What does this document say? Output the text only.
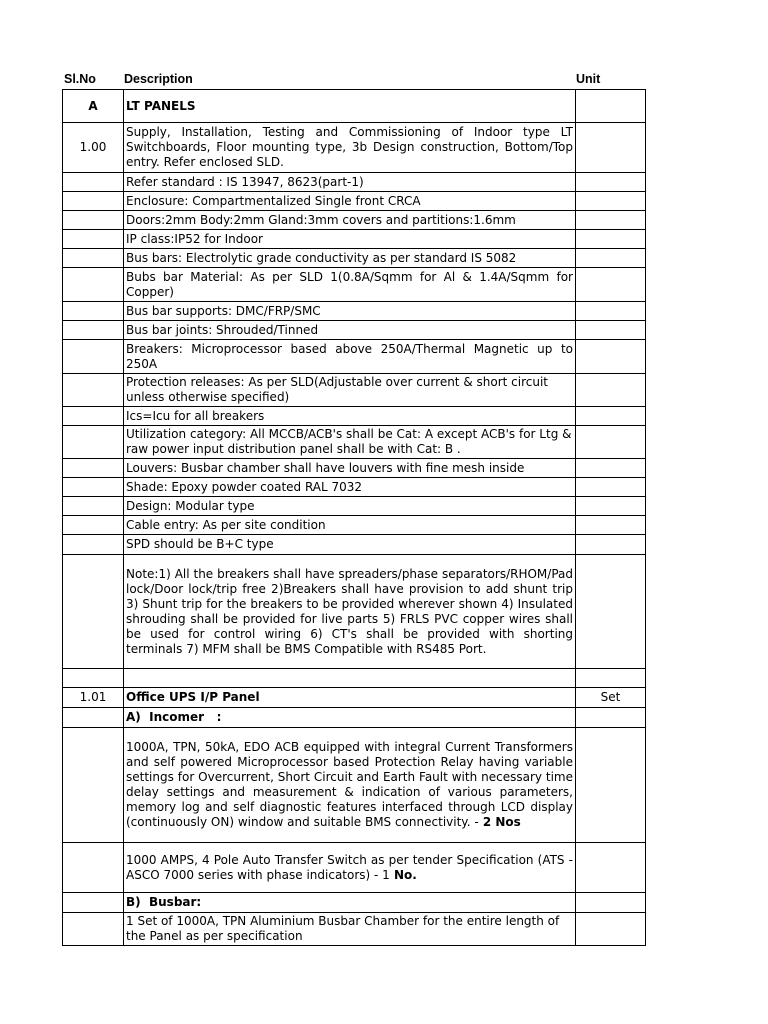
Sl.No Description	Unit
A	LT PANELS	
1.00	Supply, Installation, Testing and Commissioning of Indoor type LT Switchboards, Floor mounting type, 3b Design construction, Bottom/Top entry. Refer enclosed SLD.	
	Refer standard : IS 13947, 8623(part-1)	
	Enclosure: Compartmentalized Single front CRCA	
	Doors:2mm Body:2mm Gland:3mm covers and partitions:1.6mm	
	IP class:IP52 for Indoor	
	Bus bars: Electrolytic grade conductivity as per standard IS 5082	
	Bubs bar Material: As per SLD 1(0.8A/Sqmm for Al & 1.4A/Sqmm for Copper)	
	Bus bar supports: DMC/FRP/SMC	
	Bus bar joints: Shrouded/Tinned	
	Breakers: Microprocessor based above 250A/Thermal Magnetic up to 250A	
	Protection releases: As per SLD(Adjustable over current & short circuit unless otherwise specified)	
	Ics=Icu for all breakers	
	Utilization category: All MCCB/ACB's shall be Cat: A except ACB's for Ltg & raw power input distribution panel shall be with Cat: B .	
	Louvers: Busbar chamber shall have louvers with fine mesh inside	
	Shade: Epoxy powder coated RAL 7032	
	Design: Modular type	
	Cable entry: As per site condition	
	SPD should be B+C type	
	Note:1) All the breakers shall have spreaders/phase separators/RHOM/Pad lock/Door lock/trip free 2)Breakers shall have provision to add shunt trip 3) Shunt trip for the breakers to be provided wherever shown 4) Insulated shrouding shall be provided for live parts 5) FRLS PVC copper wires shall be used for control wiring 6) CT's shall be provided with shorting terminals 7) MFM shall be BMS Compatible with RS485 Port.	

1.01	Office UPS I/P Panel	Set
	A)  Incomer   :	
	1000A, TPN, 50kA, EDO ACB equipped with integral Current Transformers and self powered Microprocessor based Protection Relay having variable settings for Overcurrent, Short Circuit and Earth Fault with necessary time delay settings and measurement & indication of various parameters, memory log and self diagnostic features interfaced through LCD display (continuously ON) window and suitable BMS connectivity. - 2 Nos	
	1000 AMPS, 4 Pole Auto Transfer Switch as per tender Specification (ATS - ASCO 7000 series with phase indicators) - 1 No.	
	B)  Busbar:	
	1 Set of 1000A, TPN Aluminium Busbar Chamber for the entire length of the Panel as per specification	
